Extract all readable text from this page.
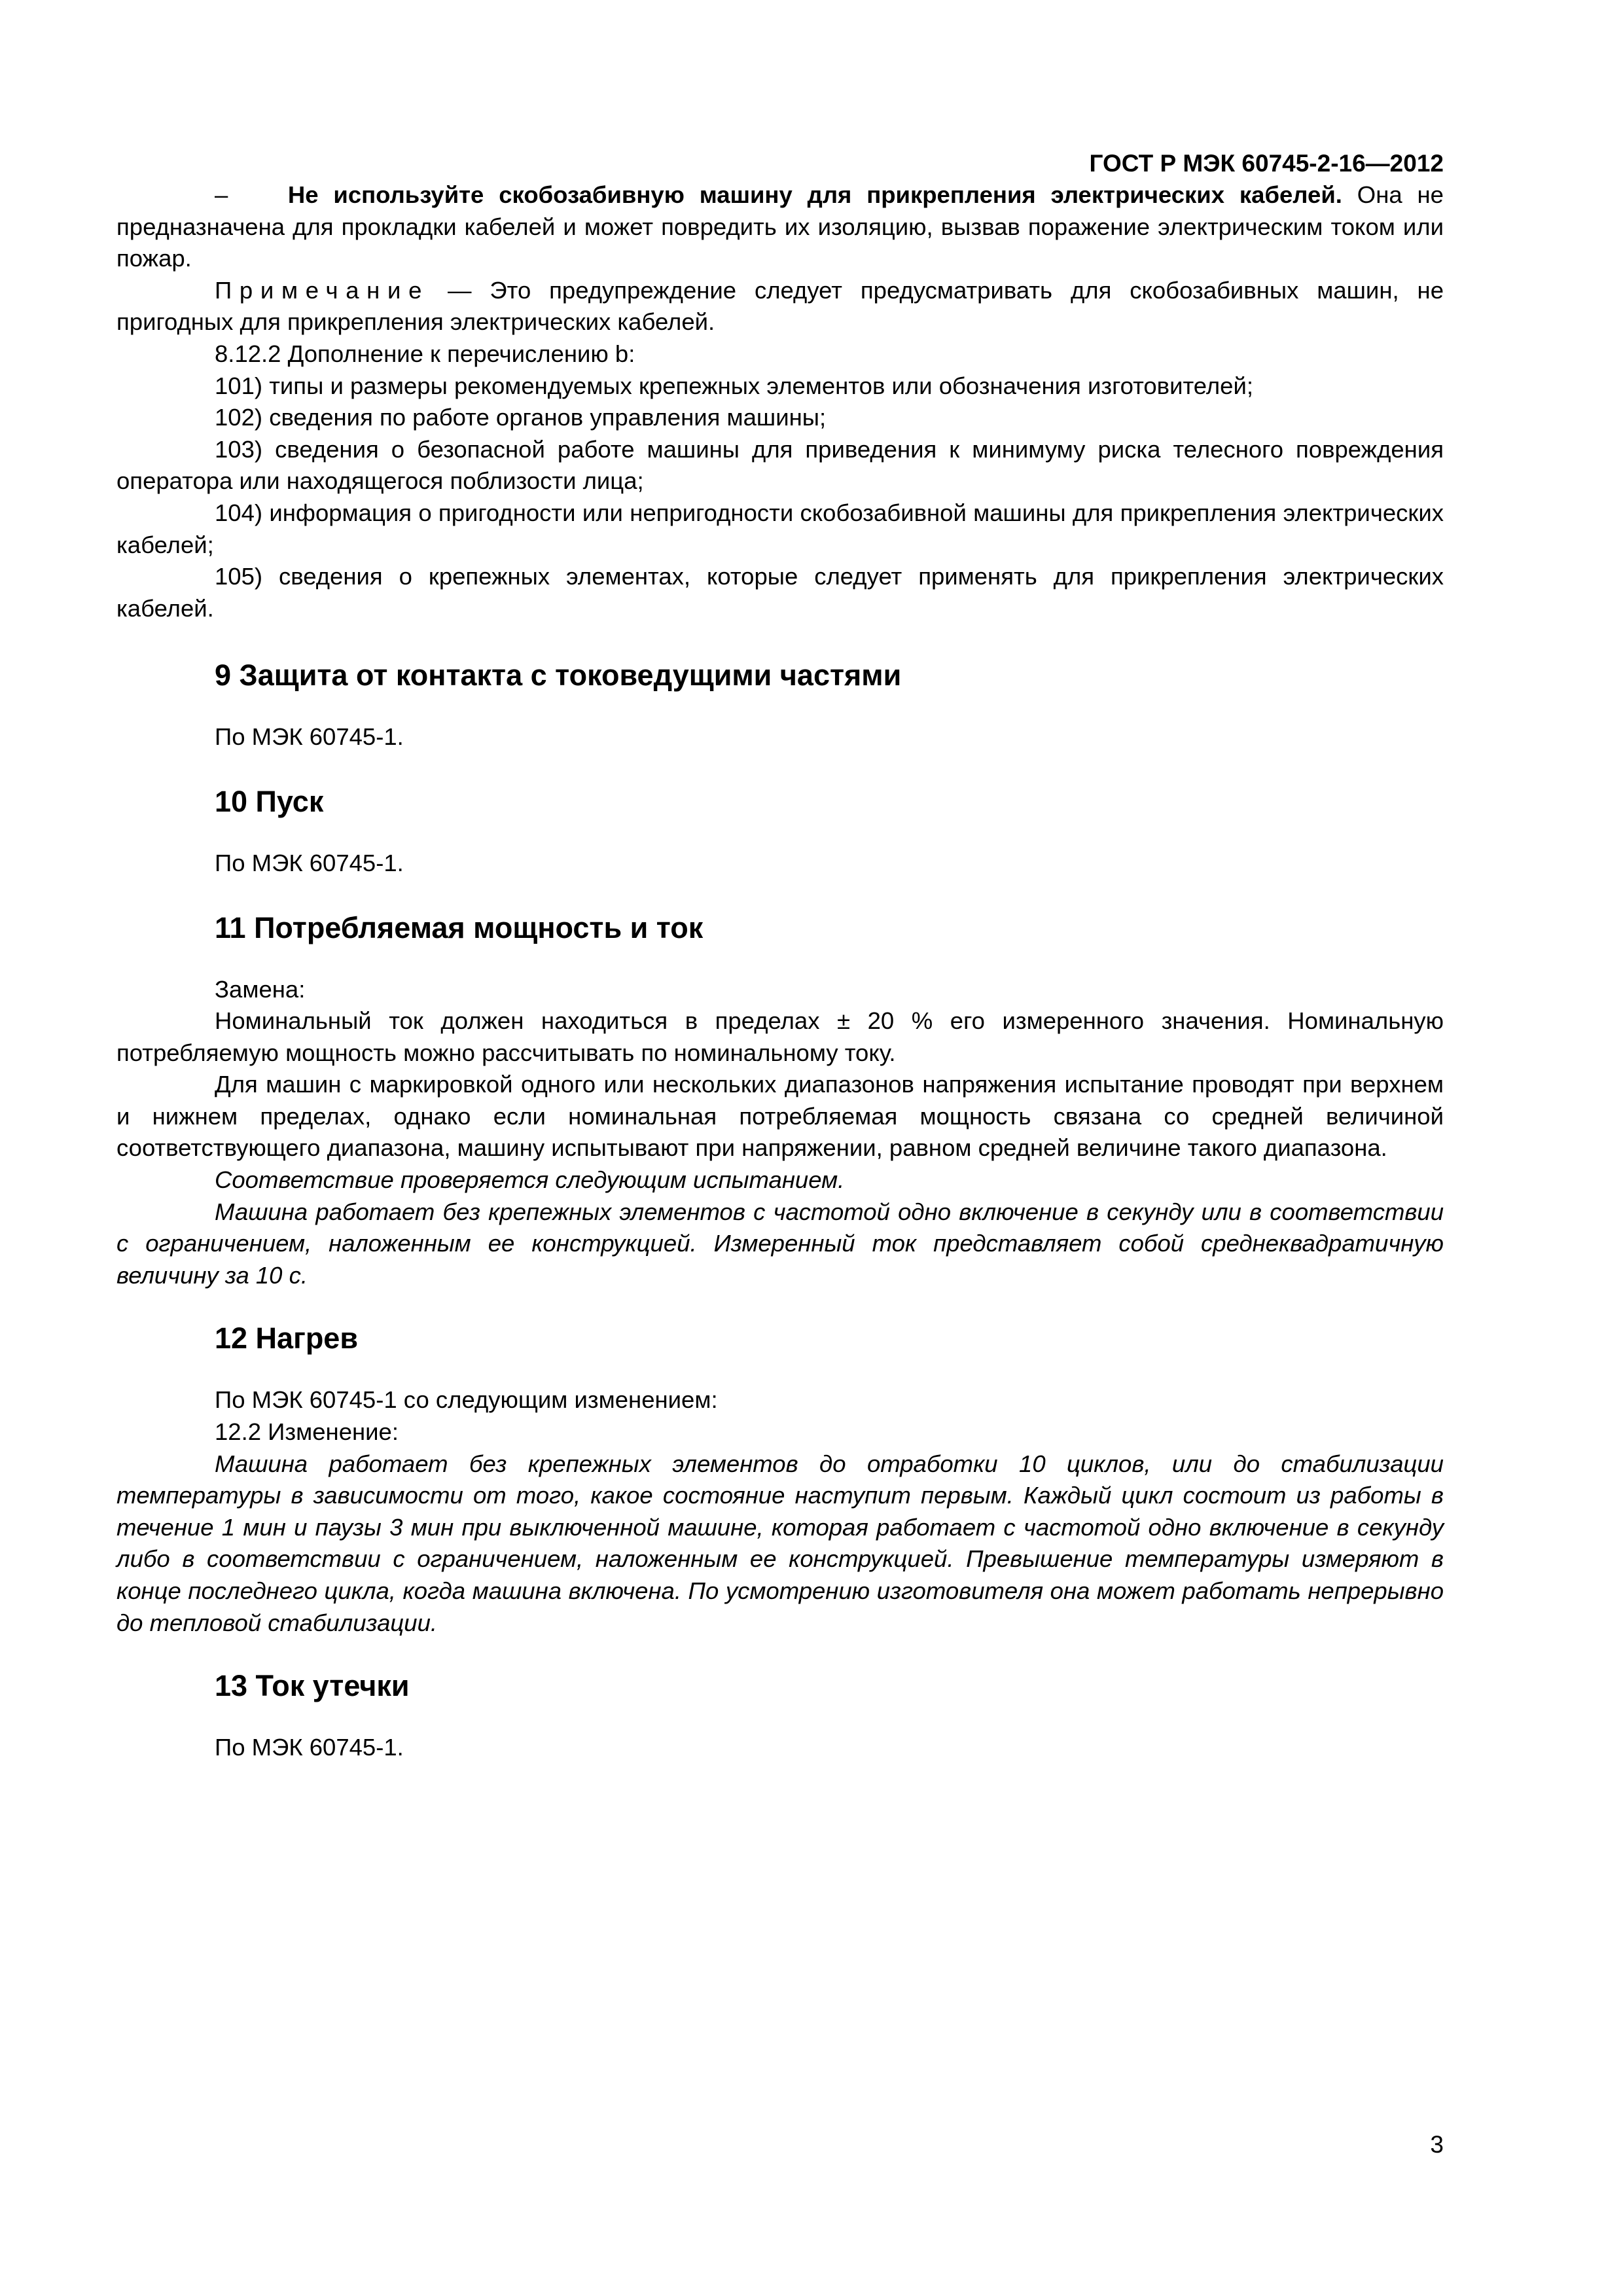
ГОСТ Р МЭК 60745-2-16—2012

–	Не используйте скобозабивную машину для прикрепления электрических кабелей. Она не предназначена для прокладки кабелей и может повредить их изоляцию, вызвав поражение электрическим током или пожар.

Примечание — Это предупреждение следует предусматривать для скобозабивных машин, не пригодных для прикрепления электрических кабелей.

8.12.2 Дополнение к перечислению b:

101) типы и размеры рекомендуемых крепежных элементов или обозначения изготовителей;

102) сведения по работе органов управления машины;

103) сведения о безопасной работе машины для приведения к минимуму риска телесного повреждения оператора или находящегося поблизости лица;

104) информация о пригодности или непригодности скобозабивной машины для прикрепления электрических кабелей;

105) сведения о крепежных элементах, которые следует применять для прикрепления электрических кабелей.

9 Защита от контакта с токоведущими частями

По МЭК 60745-1.

10 Пуск

По МЭК 60745-1.

11 Потребляемая мощность и ток

Замена:

Номинальный ток должен находиться в пределах ± 20 % его измеренного значения. Номинальную потребляемую мощность можно рассчитывать по номинальному току.

Для машин с маркировкой одного или нескольких диапазонов напряжения испытание проводят при верхнем и нижнем пределах, однако если номинальная потребляемая мощность связана со средней величиной соответствующего диапазона, машину испытывают при напряжении, равном средней величине такого диапазона.

Соответствие проверяется следующим испытанием.

Машина работает без крепежных элементов с частотой одно включение в секунду или в соответствии с ограничением, наложенным ее конструкцией. Измеренный ток представляет собой среднеквадратичную величину за 10 с.

12 Нагрев

По МЭК 60745-1 со следующим изменением:

12.2 Изменение:

Машина работает без крепежных элементов до отработки 10 циклов, или до стабилизации температуры в зависимости от того, какое состояние наступит первым. Каждый цикл состоит из работы в течение 1 мин и паузы 3 мин при выключенной машине, которая работает с частотой одно включение в секунду либо в соответствии с ограничением, наложенным ее конструкцией. Превышение температуры измеряют в конце последнего цикла, когда машина включена. По усмотрению изготовителя она может работать непрерывно до тепловой стабилизации.

13 Ток утечки

По МЭК 60745-1.

3
